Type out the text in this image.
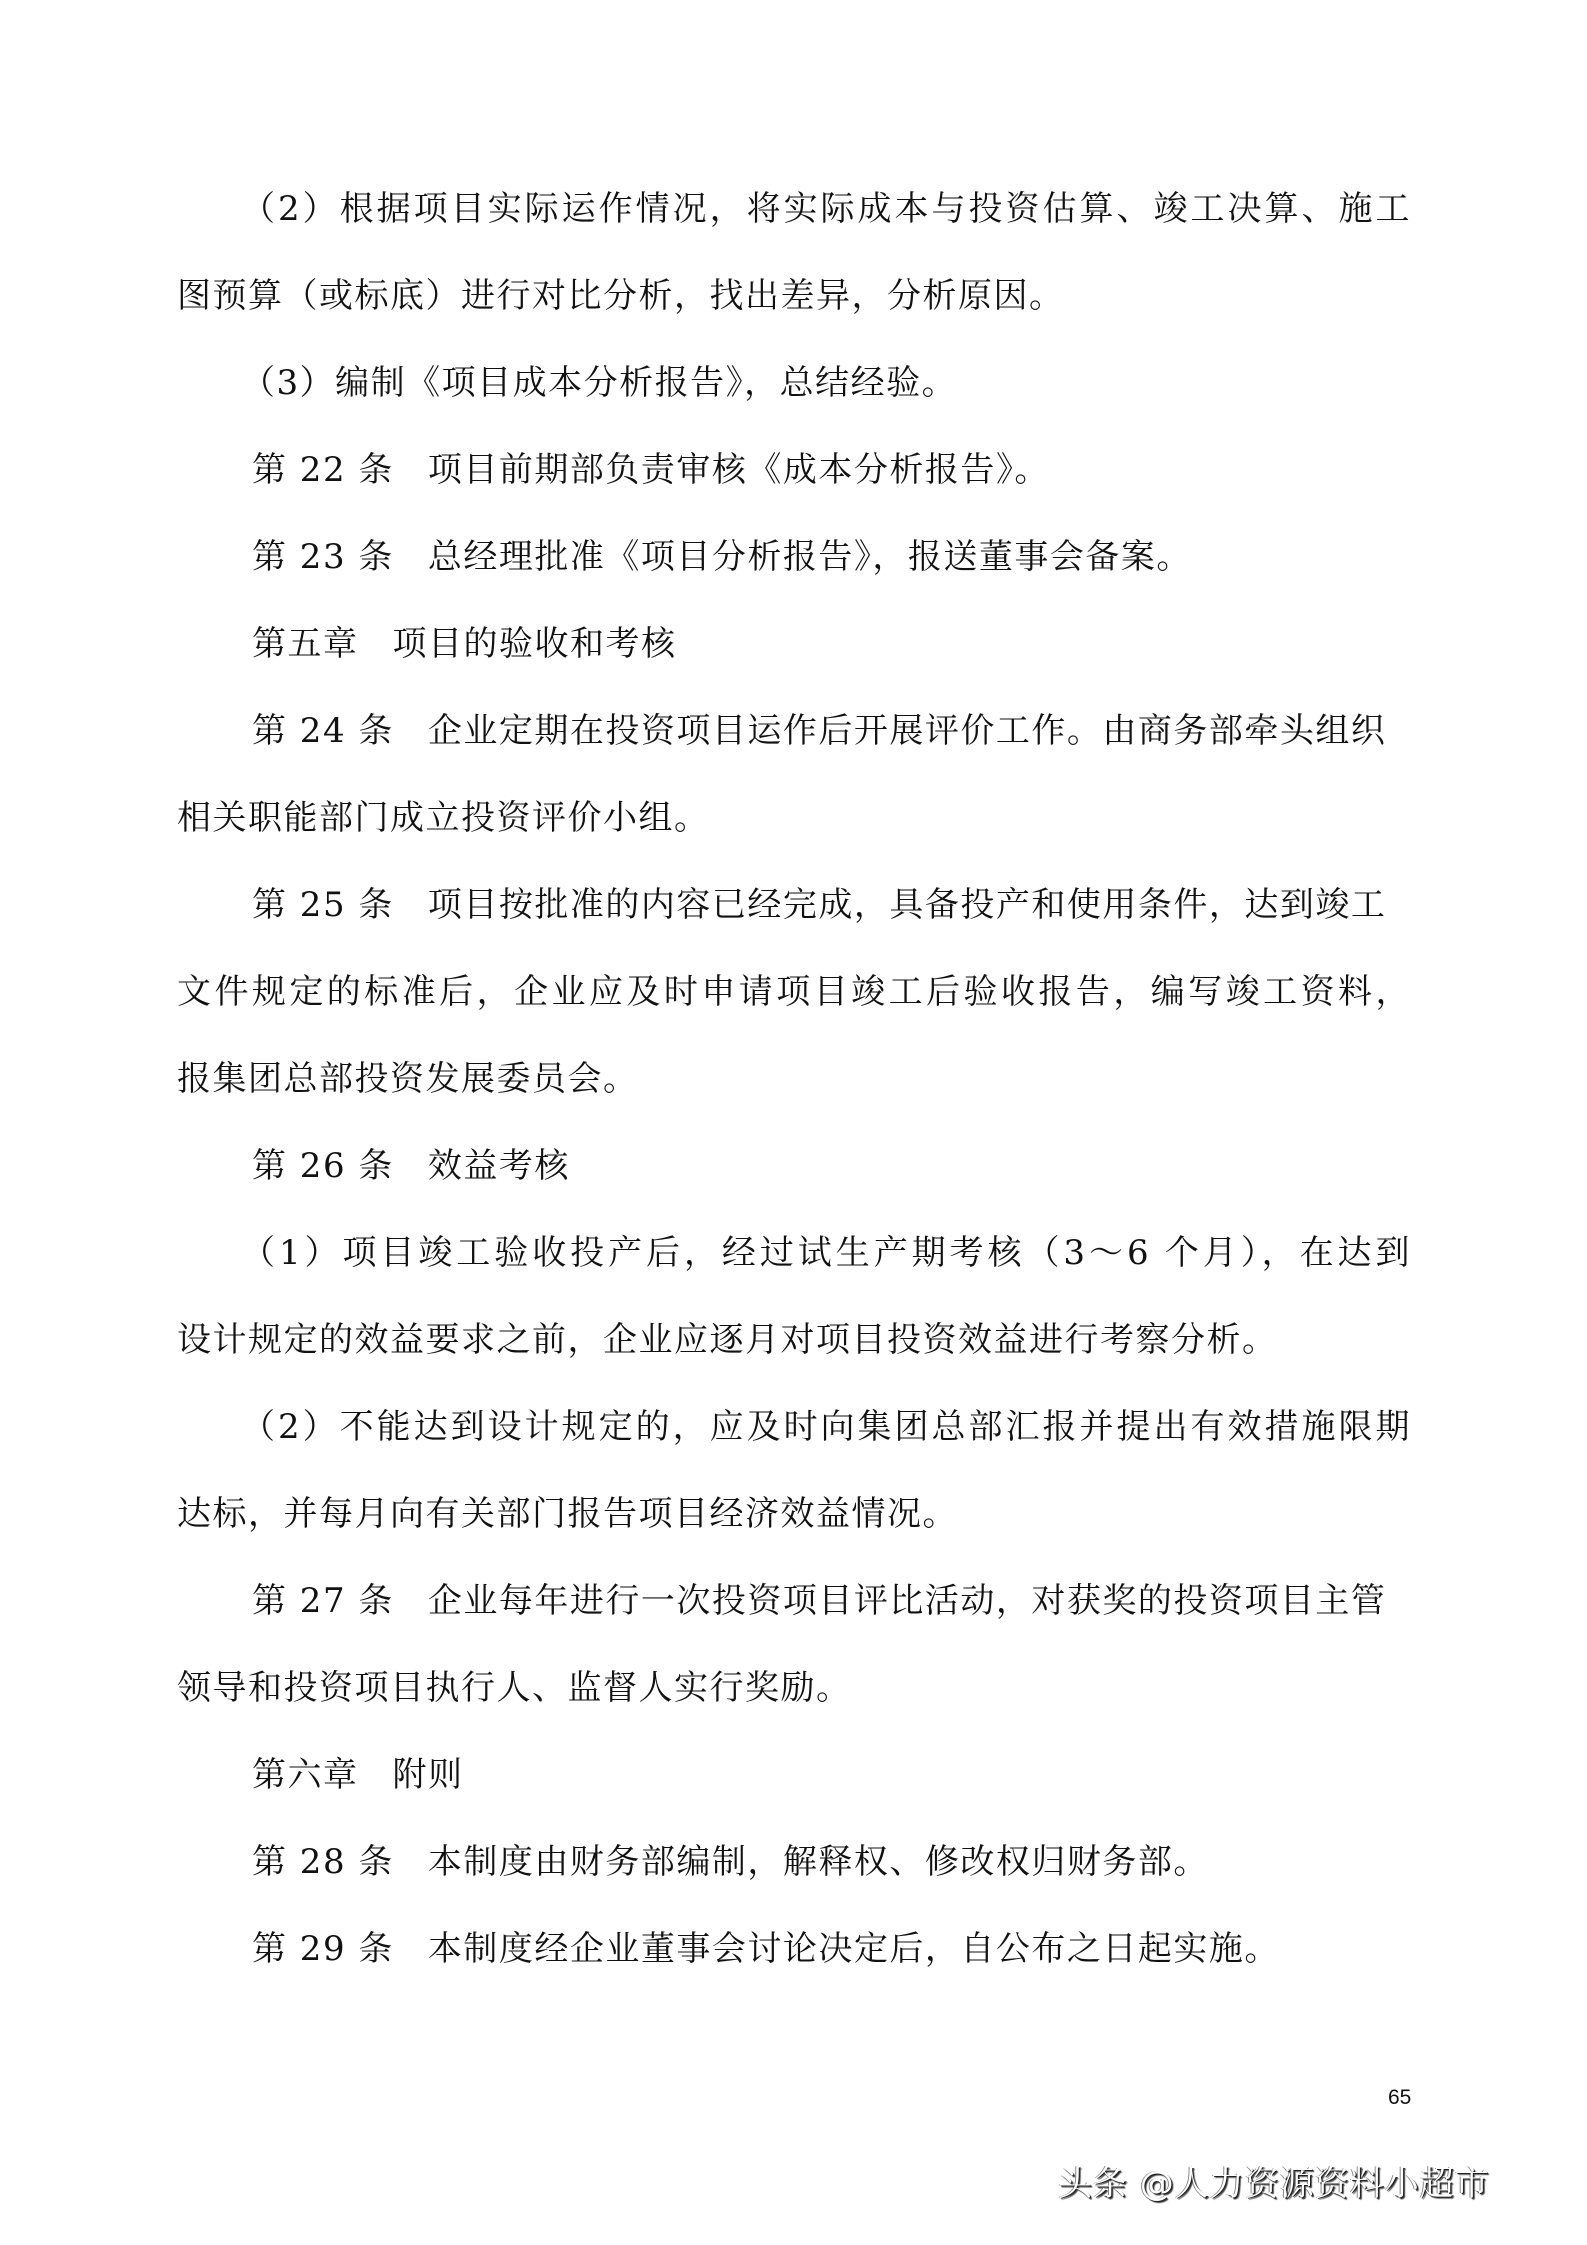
（2）根据项目实际运作情况，将实际成本与投资估算、竣工决算、施工
图预算（或标底）进行对比分析，找出差异，分析原因。
（3）编制《项目成本分析报告》，总结经验。
第 22 条 项目前期部负责审核《成本分析报告》。
第 23 条 总经理批准《项目分析报告》，报送董事会备案。
第五章 项目的验收和考核
第 24 条 企业定期在投资项目运作后开展评价工作。由商务部牵头组织
相关职能部门成立投资评价小组。
第 25 条 项目按批准的内容已经完成，具备投产和使用条件，达到竣工
文件规定的标准后，企业应及时申请项目竣工后验收报告，编写竣工资料，
报集团总部投资发展委员会。
第 26 条 效益考核
（1）项目竣工验收投产后，经过试生产期考核（3～6 个月），在达到
设计规定的效益要求之前，企业应逐月对项目投资效益进行考察分析。
（2）不能达到设计规定的，应及时向集团总部汇报并提出有效措施限期
达标，并每月向有关部门报告项目经济效益情况。
第 27 条 企业每年进行一次投资项目评比活动，对获奖的投资项目主管
领导和投资项目执行人、监督人实行奖励。
第六章 附则
第 28 条 本制度由财务部编制，解释权、修改权归财务部。
第 29 条 本制度经企业董事会讨论决定后，自公布之日起实施。
65
头条 @人力资源资料小超市
